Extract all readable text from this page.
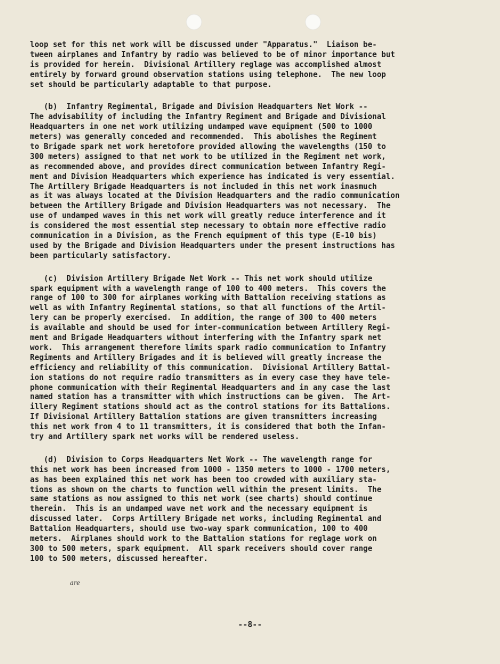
loop set for this net work will be discussed under "Apparatus."  Liaison be-
tween airplanes and Infantry by radio was believed to be of minor importance but
is provided for herein.  Divisional Artillery reglage was accomplished almost
entirely by forward ground observation stations using telephone.  The new loop
set should be particularly adaptable to that purpose.
(b)  Infantry Regimental, Brigade and Division Headquarters Net Work --
The advisability of including the Infantry Regiment and Brigade and Divisional
Headquarters in one net work utilizing undamped wave equipment (500 to 1000
meters) was generally conceded and recommended.  This abolishes the Regiment
to Brigade spark net work heretofore provided allowing the wavelengths (150 to
300 meters) assigned to that net work to be utilized in the Regiment net work,
as recommended above, and provides direct communication between Infantry Regi-
ment and Division Headquarters which experience has indicated is very essential.
The Artillery Brigade Headquarters is not included in this net work inasmuch
as it was always located at the Division Headquarters and the radio communication
between the Artillery Brigade and Division Headquarters was not necessary.  The
use of undamped waves in this net work will greatly reduce interference and it
is considered the most essential step necessary to obtain more effective radio
communication in a Division, as the French equipment of this type (E-10 bis)
used by the Brigade and Division Headquarters under the present instructions has
been particularly satisfactory.
(c)  Division Artillery Brigade Net Work -- This net work should utilize
spark equipment with a wavelength range of 100 to 400 meters.  This covers the
range of 100 to 300 for airplanes working with Battalion receiving stations as
well as with Infantry Regimental stations, so that all functions of the Artil-
lery can be properly exercised.  In addition, the range of 300 to 400 meters
is available and should be used for inter-communication between Artillery Regi-
ment and Brigade Headquarters without interfering with the Infantry spark net
work.  This arrangement therefore limits spark radio communication to Infantry
Regiments and Artillery Brigades and it is believed will greatly increase the
efficiency and reliability of this communication.  Divisional Artillery Battal-
ion stations do not require radio transmitters as in every case they have tele-
phone communication with their Regimental Headquarters and in any case the last
named station has a transmitter with which instructions can be given.  The Art-
illery Regiment stations should act as the control stations for its Battalions.
If Divisional Artillery Battalion stations are given transmitters increasing
this net work from 4 to 11 transmitters, it is considered that both the Infan-
try and Artillery spark net works will be rendered useless.
(d)  Division to Corps Headquarters Net Work -- The wavelength range for
this net work has been increased from 1000 - 1350 meters to 1000 - 1700 meters,
as has been explained this net work has been too crowded with auxiliary sta-
tions as shown on the charts to function well within the present limits.  The
same stations as now assigned to this net work (see charts) should continue
therein.  This is an undamped wave net work and the necessary equipment is
discussed later.  Corps Artillery Brigade net works, including Regimental and
Battalion Headquarters, should use two-way spark communication, 100 to 400
meters.  Airplanes should work to the Battalion stations for reglage work on
300 to 500 meters, spark equipment.  All spark receivers should cover range
100 to 500 meters, discussed hereafter.
are
--8--
